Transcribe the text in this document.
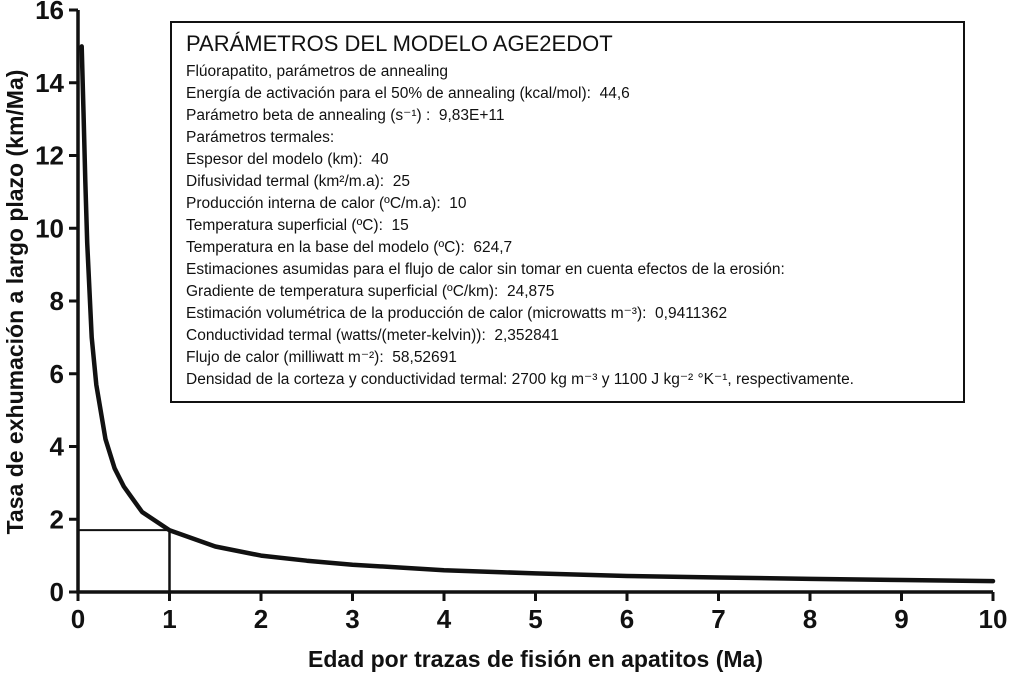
0	1	2	3	4	5	6	7	8	9	10
0
2
4
6
8
10
12
14
16
Tasa de exhumación a largo plazo (km/Ma)
Edad por trazas de fisión en apatitos (Ma)
PARÁMETROS DEL MODELO AGE2EDOT
Flúorapatito, parámetros de annealing
Energía de activación para el 50% de annealing (kcal/mol):  44,6
Parámetro beta de annealing (s⁻¹) :  9,83E+11
Parámetros termales:
Espesor del modelo (km):  40
Difusividad termal (km²/m.a):  25
Producción interna de calor (ºC/m.a):  10
Temperatura superficial (ºC):  15
Temperatura en la base del modelo (ºC):  624,7
Estimaciones asumidas para el flujo de calor sin tomar en cuenta efectos de la erosión:
Gradiente de temperatura superficial (ºC/km):  24,875
Estimación volumétrica de la producción de calor (microwatts m⁻³):  0,9411362
Conductividad termal (watts/(meter-kelvin)):  2,352841
Flujo de calor (milliwatt m⁻²):  58,52691
Densidad de la corteza y conductividad termal: 2700 kg m⁻³ y 1100 J kg⁻² °K⁻¹, respectivamente.
